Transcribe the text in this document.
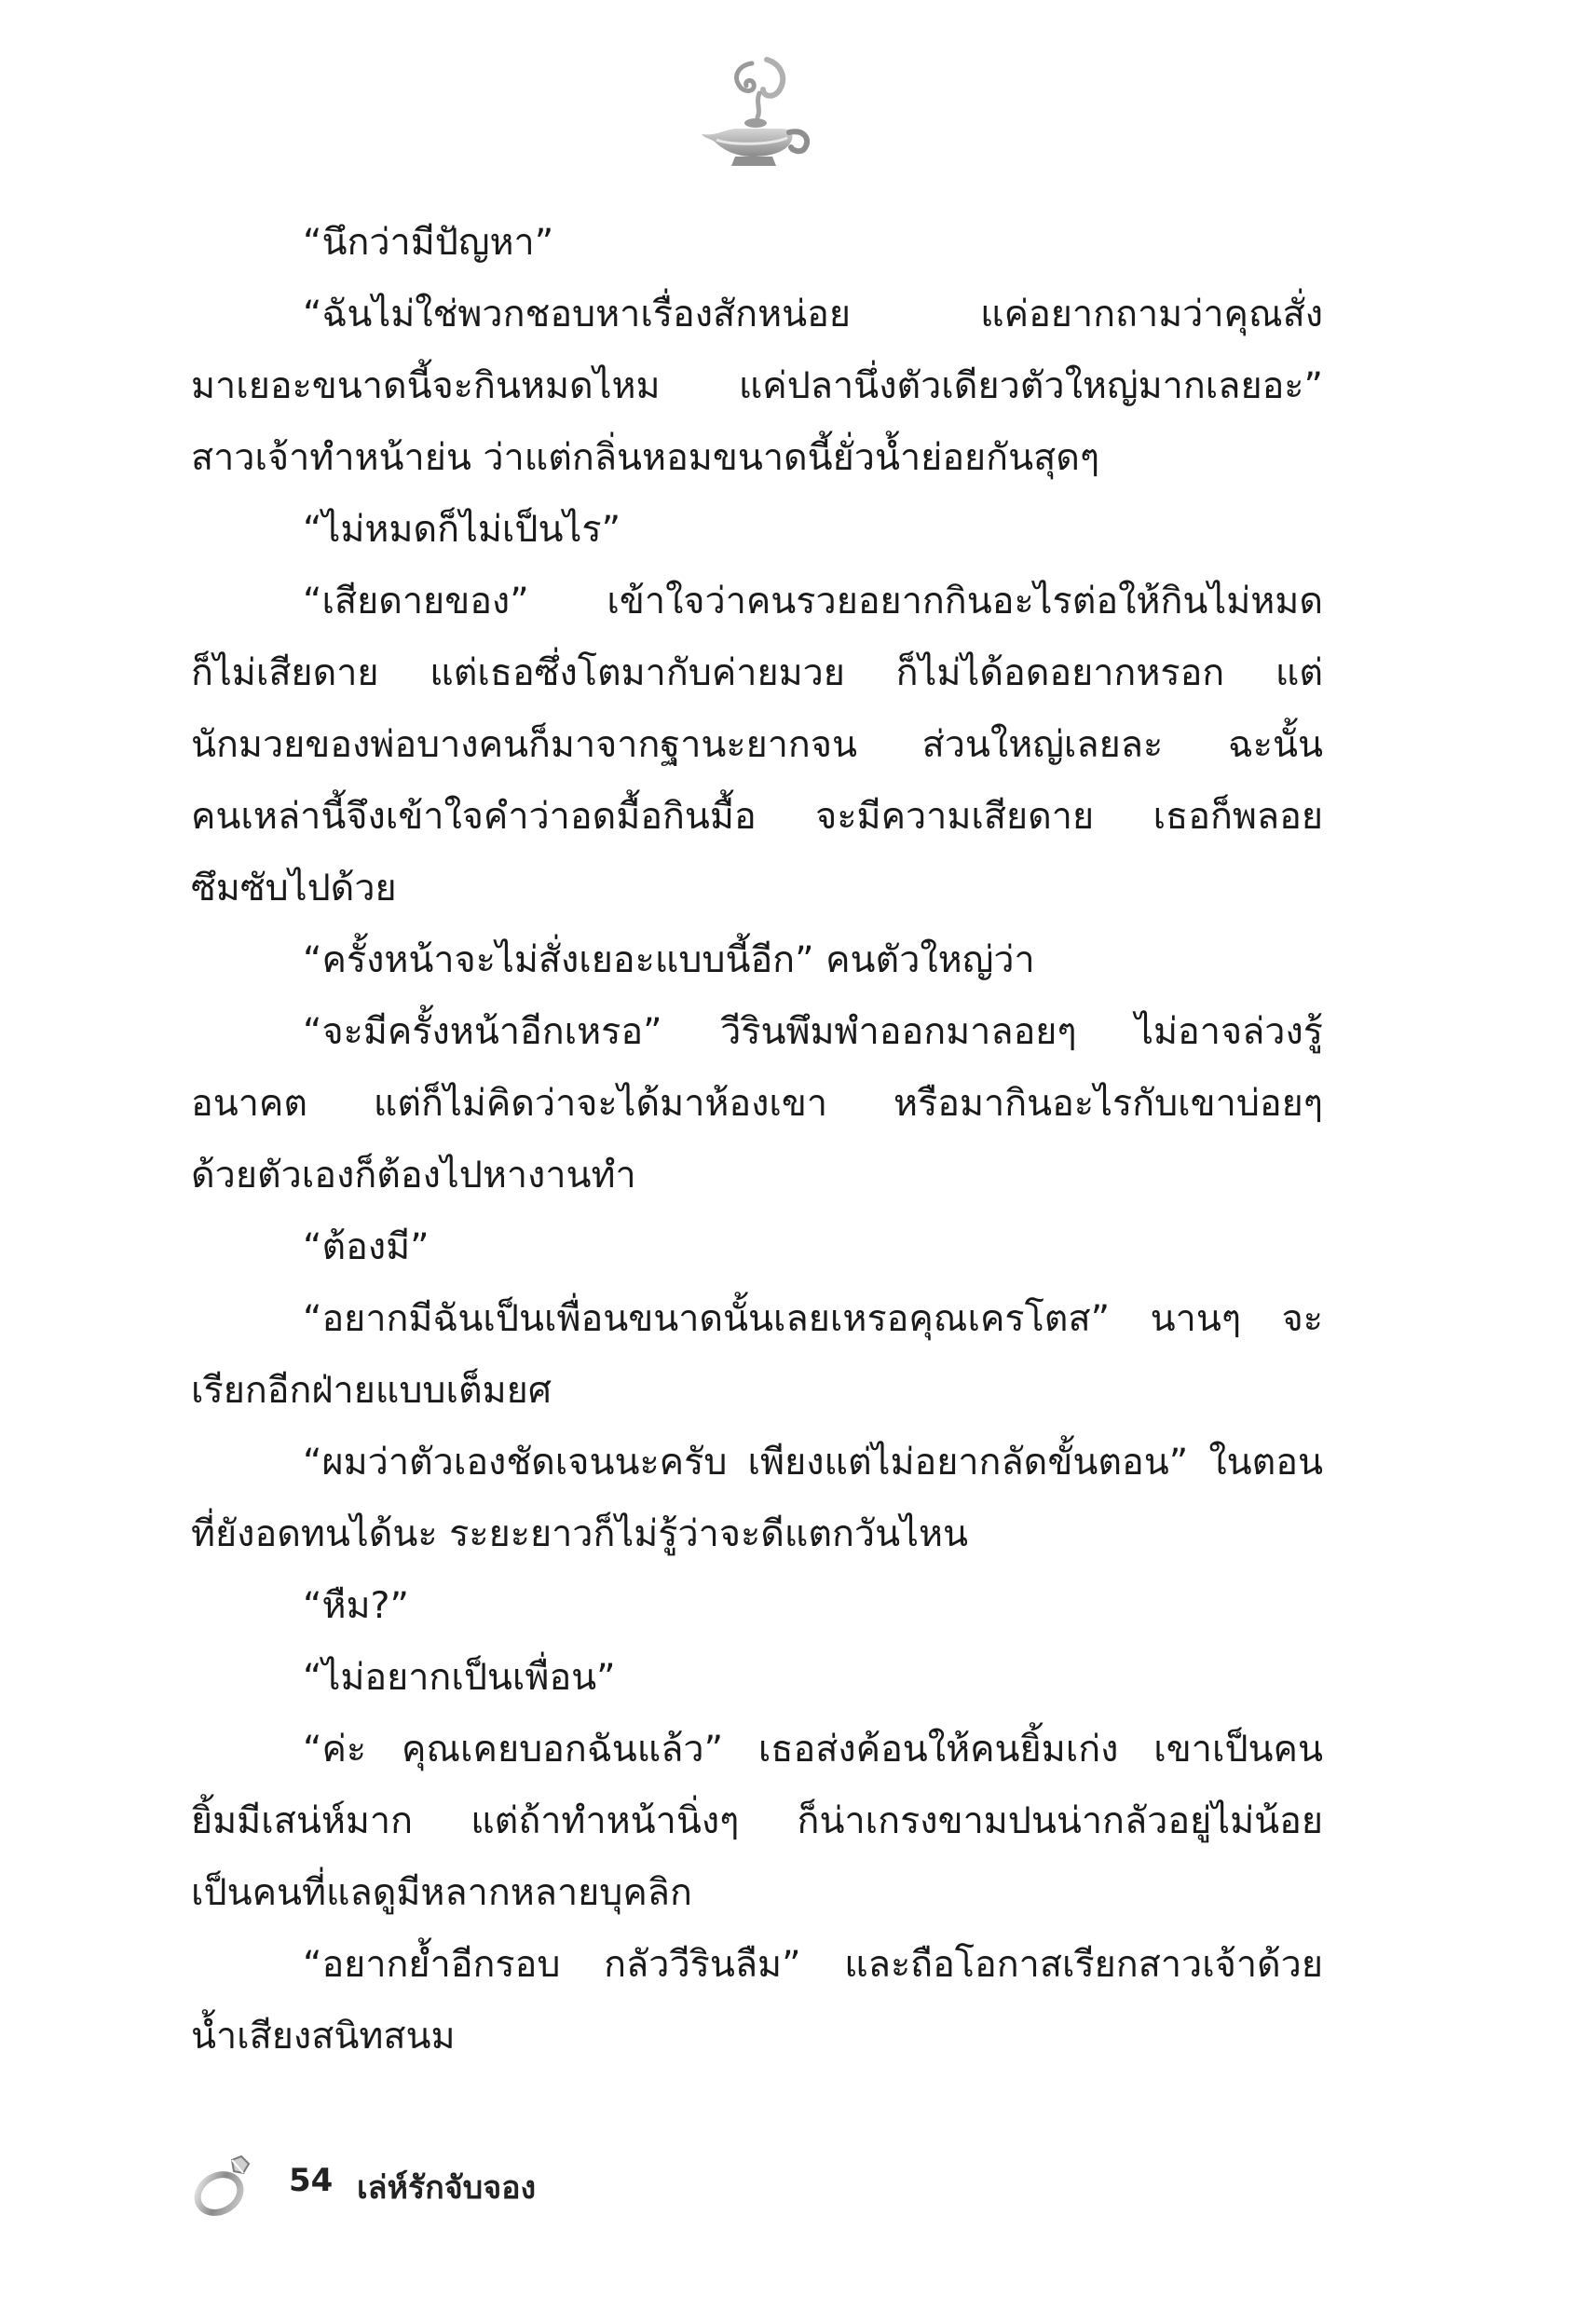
“นึกว่ามีปัญหา”
“ฉันไม่ใช่พวกชอบหาเรื่องสักหน่อย แค่อยากถามว่าคุณสั่ง
มาเยอะขนาดนี้จะกินหมดไหม แค่ปลานึ่งตัวเดียวตัวใหญ่มากเลยอะ”
สาวเจ้าทำหน้าย่น ว่าแต่กลิ่นหอมขนาดนี้ยั่วน้ำย่อยกันสุดๆ
“ไม่หมดก็ไม่เป็นไร”
“เสียดายของ” เข้าใจว่าคนรวยอยากกินอะไรต่อให้กินไม่หมด
ก็ไม่เสียดาย แต่เธอซึ่งโตมากับค่ายมวย ก็ไม่ได้อดอยากหรอก แต่
นักมวยของพ่อบางคนก็มาจากฐานะยากจน ส่วนใหญ่เลยละ ฉะนั้น
คนเหล่านี้จึงเข้าใจคำว่าอดมื้อกินมื้อ จะมีความเสียดาย เธอก็พลอย
ซึมซับไปด้วย
“ครั้งหน้าจะไม่สั่งเยอะแบบนี้อีก” คนตัวใหญ่ว่า
“จะมีครั้งหน้าอีกเหรอ” วีรินพึมพำออกมาลอยๆ ไม่อาจล่วงรู้
อนาคต แต่ก็ไม่คิดว่าจะได้มาห้องเขา หรือมากินอะไรกับเขาบ่อยๆ
ด้วยตัวเองก็ต้องไปหางานทำ
“ต้องมี”
“อยากมีฉันเป็นเพื่อนขนาดนั้นเลยเหรอคุณเครโตส” นานๆ จะ
เรียกอีกฝ่ายแบบเต็มยศ
“ผมว่าตัวเองชัดเจนนะครับ เพียงแต่ไม่อยากลัดขั้นตอน” ในตอน
ที่ยังอดทนได้นะ ระยะยาวก็ไม่รู้ว่าจะดีแตกวันไหน
“หืม?”
“ไม่อยากเป็นเพื่อน”
“ค่ะ คุณเคยบอกฉันแล้ว” เธอส่งค้อนให้คนยิ้มเก่ง เขาเป็นคน
ยิ้มมีเสน่ห์มาก แต่ถ้าทำหน้านิ่งๆ ก็น่าเกรงขามปนน่ากลัวอยู่ไม่น้อย
เป็นคนที่แลดูมีหลากหลายบุคลิก
“อยากย้ำอีกรอบ กลัววีรินลืม” และถือโอกาสเรียกสาวเจ้าด้วย
น้ำเสียงสนิทสนม
54 เล่ห์รักจับจอง
